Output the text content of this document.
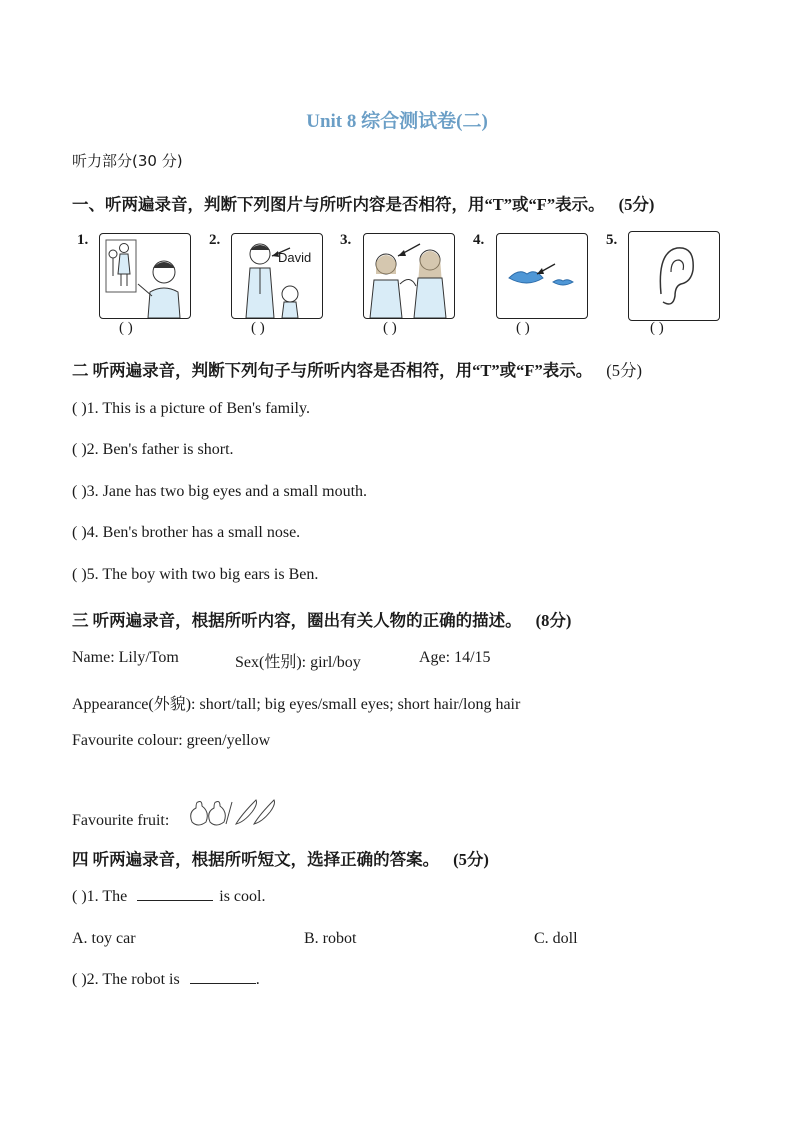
Unit 8 综合测试卷(二)
听力部分(30 分)
一、听两遍录音，判断下列图片与所听内容是否相符，用“T”或“F”表示。 (5分)
1.
( )
2.
David
( )
3.
( )
4.
( )
5.
( )
二 听两遍录音，判断下列句子与所听内容是否相符，用“T”或“F”表示。 (5分)
( )1. This is a picture of Ben's family.
( )2. Ben's father is short.
( )3. Jane has two big eyes and a small mouth.
( )4. Ben's brother has a small nose.
( )5. The boy with two big ears is Ben.
三 听两遍录音，根据所听内容，圈出有关人物的正确的描述。 (8分)
Name: Lily/Tom	Sex(性别): girl/boy	Age: 14/15
Appearance(外貌): short/tall; big eyes/small eyes; short hair/long hair
Favourite colour: green/yellow
Favourite fruit:
四 听两遍录音，根据所听短文，选择正确的答案。 (5分)
( )1. The	is cool.
A. toy car	B. robot	C. doll
( )2. The robot is	.
